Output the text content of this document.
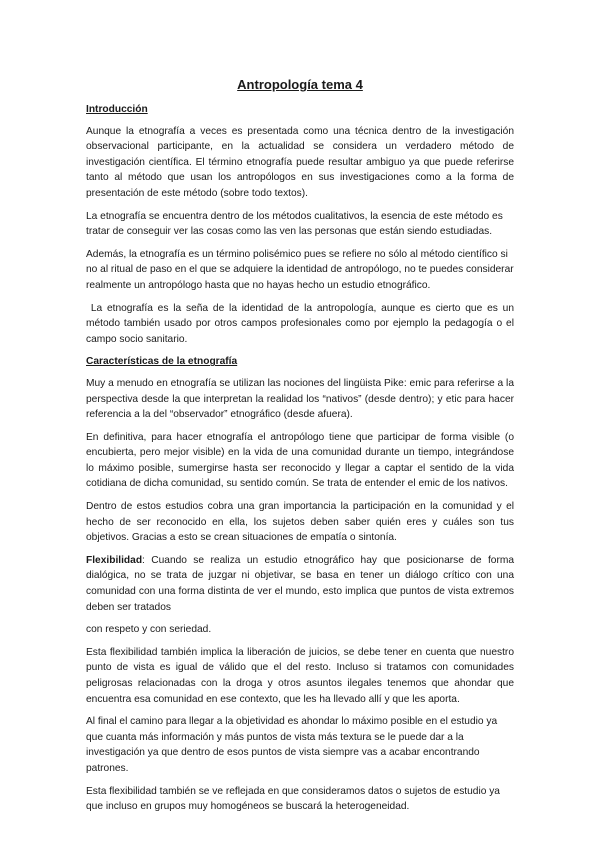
Antropología tema 4
Introducción

Aunque la etnografía a veces es presentada como una técnica dentro de la investigación observacional participante, en la actualidad se considera un verdadero método de investigación científica. El término etnografía puede resultar ambiguo ya que puede referirse tanto al método que usan los antropólogos en sus investigaciones como a la forma de presentación de este método (sobre todo textos).

La etnografía se encuentra dentro de los métodos cualitativos, la esencia de este método es tratar de conseguir ver las cosas como las ven las personas que están siendo estudiadas.

Además, la etnografía es un término polisémico pues se refiere no sólo al método científico si no al ritual de paso en el que se adquiere la identidad de antropólogo, no te puedes considerar realmente un antropólogo hasta que no hayas hecho un estudio etnográfico.

La etnografía es la seña de la identidad de la antropología, aunque es cierto que es un método también usado por otros campos profesionales como por ejemplo la pedagogía o el campo socio sanitario.

Características de la etnografía

Muy a menudo en etnografía se utilizan las nociones del lingüista Pike: emic para referirse a la perspectiva desde la que interpretan la realidad los “nativos” (desde dentro); y etic para hacer referencia a la del “observador” etnográfico (desde afuera).

En definitiva, para hacer etnografía el antropólogo tiene que participar de forma visible (o encubierta, pero mejor visible) en la vida de una comunidad durante un tiempo, integrándose lo máximo posible, sumergirse hasta ser reconocido y llegar a captar el sentido de la vida cotidiana de dicha comunidad, su sentido común. Se trata de entender el emic de los nativos.

Dentro de estos estudios cobra una gran importancia la participación en la comunidad y el hecho de ser reconocido en ella, los sujetos deben saber quién eres y cuáles son tus objetivos. Gracias a esto se crean situaciones de empatía o sintonía.

Flexibilidad: Cuando se realiza un estudio etnográfico hay que posicionarse de forma dialógica, no se trata de juzgar ni objetivar, se basa en tener un diálogo crítico con una comunidad con una forma distinta de ver el mundo, esto implica que puntos de vista extremos deben ser tratados

con respeto y con seriedad.

Esta flexibilidad también implica la liberación de juicios, se debe tener en cuenta que nuestro punto de vista es igual de válido que el del resto. Incluso si tratamos con comunidades peligrosas relacionadas con la droga y otros asuntos ilegales tenemos que ahondar que encuentra esa comunidad en ese contexto, que les ha llevado allí y que les aporta.

Al final el camino para llegar a la objetividad es ahondar lo máximo posible en el estudio ya que cuanta más información y más puntos de vista más textura se le puede dar a la investigación ya que dentro de esos puntos de vista siempre vas a acabar encontrando patrones.

Esta flexibilidad también se ve reflejada en que consideramos datos o sujetos de estudio ya que incluso en grupos muy homogéneos se buscará la heterogeneidad.
